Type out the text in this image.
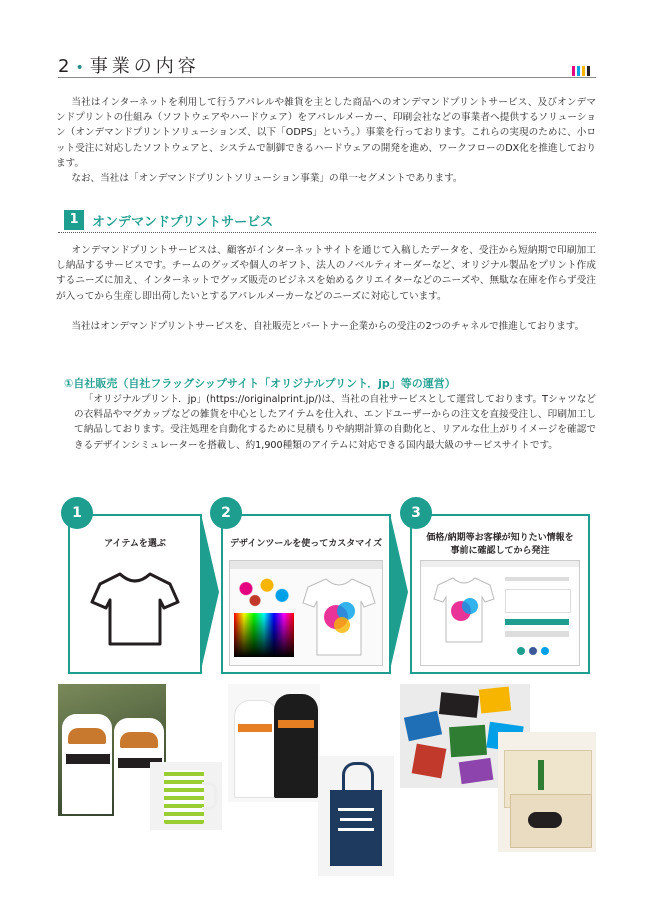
2 • 事業の内容

当社はインターネットを利用して行うアパレルや雑貨を主とした商品へのオンデマンドプリントサービス、及びオンデマンドプリントの仕組み（ソフトウェアやハードウェア）をアパレルメーカー、印刷会社などの事業者へ提供するソリューション（オンデマンドプリントソリューションズ、以下「ODPS」という。）事業を行っております。これらの実現のために、小ロット受注に対応したソフトウェアと、システムで制御できるハードウェアの開発を進め、ワークフローのDX化を推進しております。

なお、当社は「オンデマンドプリントソリューション事業」の単一セグメントであります。

1	オンデマンドプリントサービス

オンデマンドプリントサービスは、顧客がインターネットサイトを通じて入稿したデータを、受注から短納期で印刷加工し納品するサービスです。チームのグッズや個人のギフト、法人のノベルティオーダーなど、オリジナル製品をプリント作成するニーズに加え、インターネットでグッズ販売のビジネスを始めるクリエイターなどのニーズや、無駄な在庫を作らず受注が入ってから生産し即出荷したいとするアパレルメーカーなどのニーズに対応しています。

当社はオンデマンドプリントサービスを、自社販売とパートナー企業からの受注の2つのチャネルで推進しております。

①自社販売（自社フラッグシップサイト「オリジナルプリント．jp」等の運営）

「オリジナルプリント．jp」(https://originalprint.jp/)は、当社の自社サービスとして運営しております。Tシャツなどの衣料品やマグカップなどの雑貨を中心としたアイテムを仕入れ、エンドユーザーからの注文を直接受注し、印刷加工して納品しております。受注処理を自動化するために見積もりや納期計算の自動化と、リアルな仕上がりイメージを確認できるデザインシミュレーターを搭載し、約1,900種類のアイテムに対応できる国内最大級のサービスサイトです。

アイテムを選ぶ	デザインツールを使ってカスタマイズ
価格/納期等お客様が知りたい情報を事前に確認してから発注
1	2	3
